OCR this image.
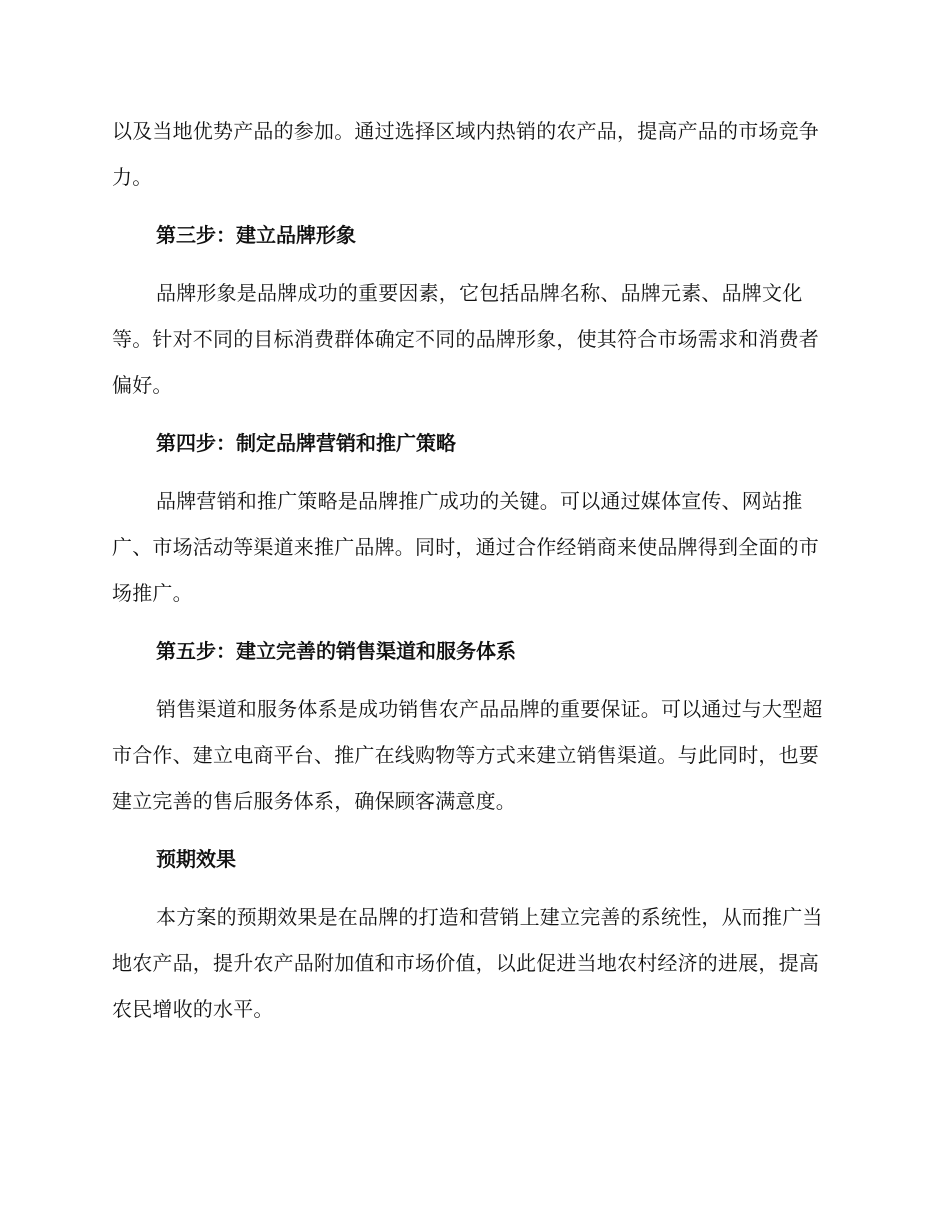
以及当地优势产品的参加。通过选择区域内热销的农产品，提高产品的市场竞争力。

第三步：建立品牌形象

品牌形象是品牌成功的重要因素，它包括品牌名称、品牌元素、品牌文化等。针对不同的目标消费群体确定不同的品牌形象，使其符合市场需求和消费者偏好。

第四步：制定品牌营销和推广策略

品牌营销和推广策略是品牌推广成功的关键。可以通过媒体宣传、网站推广、市场活动等渠道来推广品牌。同时，通过合作经销商来使品牌得到全面的市场推广。

第五步：建立完善的销售渠道和服务体系

销售渠道和服务体系是成功销售农产品品牌的重要保证。可以通过与大型超市合作、建立电商平台、推广在线购物等方式来建立销售渠道。与此同时，也要建立完善的售后服务体系，确保顾客满意度。

预期效果

本方案的预期效果是在品牌的打造和营销上建立完善的系统性，从而推广当地农产品，提升农产品附加值和市场价值，以此促进当地农村经济的进展，提高农民增收的水平。
